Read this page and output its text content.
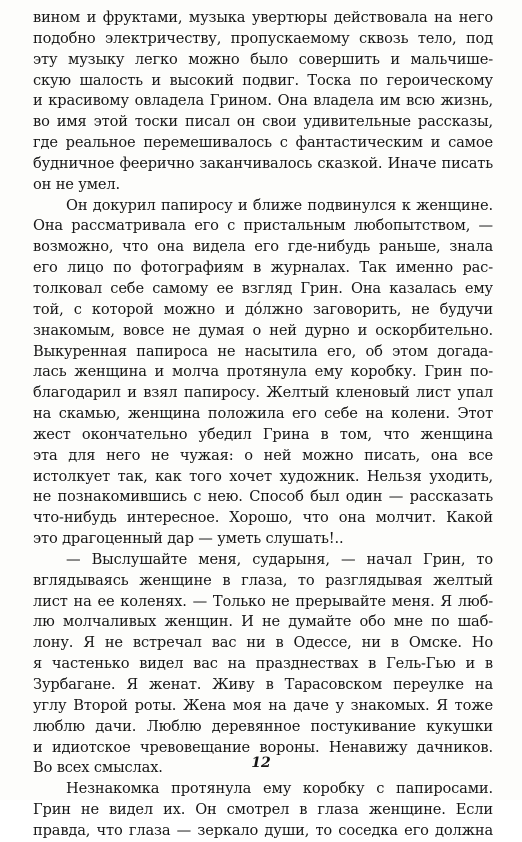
вином и фруктами, музыка увертюры действовала на него
подобно электричеству, пропускаемому сквозь тело, под
эту музыку легко можно было совершить и мальчише-
скую шалость и высокий подвиг. Тоска по героическому
и красивому овладела Грином. Она владела им всю жизнь,
во имя этой тоски писал он свои удивительные рассказы,
где реальное перемешивалось с фантастическим и самое
будничное феерично заканчивалось сказкой. Иначе писать
он не умел.
Он докурил папиросу и ближе подвинулся к женщине.
Она рассматривала его с пристальным любопытством, —
возможно, что она видела его где-нибудь раньше, знала
его лицо по фотографиям в журналах. Так именно рас-
толковал себе самому ее взгляд Грин. Она казалась ему
той, с которой можно и дóлжно заговорить, не будучи
знакомым, вовсе не думая о ней дурно и оскорбительно.
Выкуренная папироса не насытила его, об этом догада-
лась женщина и молча протянула ему коробку. Грин по-
благодарил и взял папиросу. Желтый кленовый лист упал
на скамью, женщина положила его себе на колени. Этот
жест окончательно убедил Грина в том, что женщина
эта для него не чужая: о ней можно писать, она все
истолкует так, как того хочет художник. Нельзя уходить,
не познакомившись с нею. Способ был один — рассказать
что-нибудь интересное. Хорошо, что она молчит. Какой
это драгоценный дар — уметь слушать!..
— Выслушайте меня, сударыня, — начал Грин, то
вглядываясь женщине в глаза, то разглядывая желтый
лист на ее коленях. — Только не прерывайте меня. Я люб-
лю молчаливых женщин. И не думайте обо мне по шаб-
лону. Я не встречал вас ни в Одессе, ни в Омске. Но
я частенько видел вас на празднествах в Гель-Гью и в
Зурбагане. Я женат. Живу в Тарасовском переулке на
углу Второй роты. Жена моя на даче у знакомых. Я тоже
люблю дачи. Люблю деревянное постукивание кукушки
и идиотское чревовещание вороны. Ненавижу дачников.
Во всех смыслах.
Незнакомка протянула ему коробку с папиросами.
Грин не видел их. Он смотрел в глаза женщине. Если
правда, что глаза — зеркало души, то соседка его должна
12
